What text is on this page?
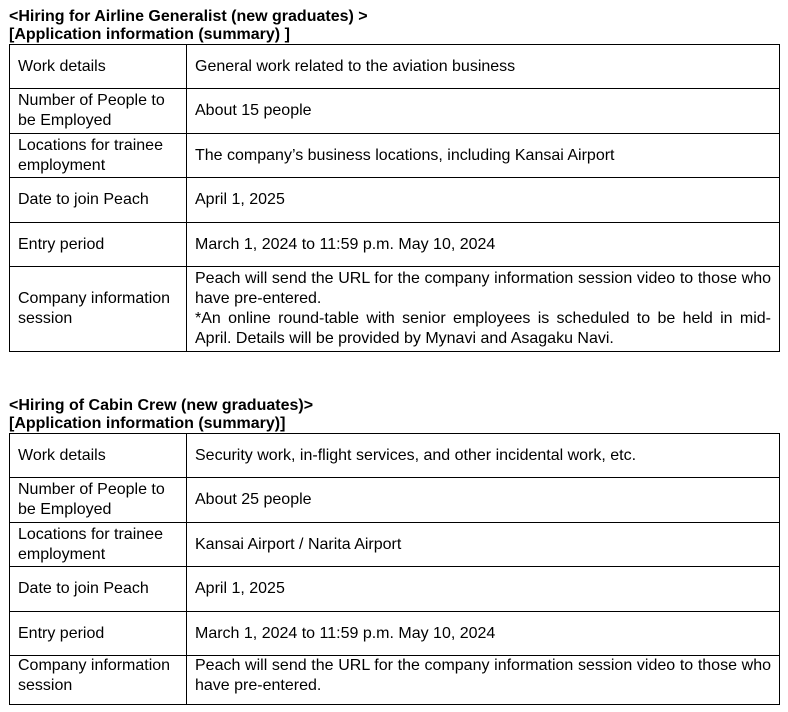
<Hiring for Airline Generalist (new graduates) >

[Application information (summary) ]

Work details	General work related to the aviation business
Number of People to be Employed	About 15 people
Locations for trainee employment	The company’s business locations, including Kansai Airport
Date to join Peach	April 1, 2025
Entry period	March 1, 2024 to 11:59 p.m. May 10, 2024
Company information session	Peach will send the URL for the company information session video to those who have pre-entered.
*An online round-table with senior employees is scheduled to be held in mid-April. Details will be provided by Mynavi and Asagaku Navi.

<Hiring of Cabin Crew (new graduates)>

[Application information (summary)]

Work details	Security work, in-flight services, and other incidental work, etc.
Number of People to be Employed	About 25 people
Locations for trainee employment	Kansai Airport / Narita Airport
Date to join Peach	April 1, 2025
Entry period	March 1, 2024 to 11:59 p.m. May 10, 2024
Company information session	Peach will send the URL for the company information session video to those who have pre-entered.
